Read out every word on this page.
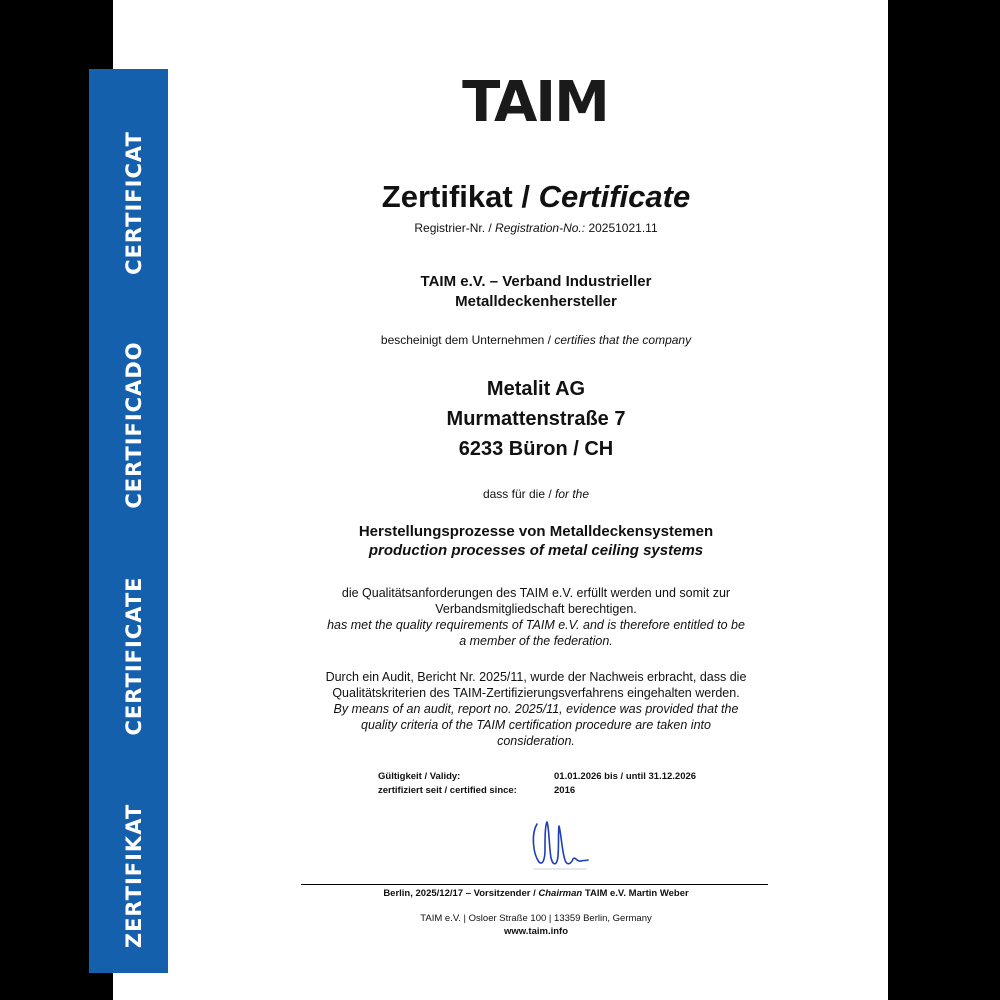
ZERTIFIKAT
CERTIFICATE
CERTIFICADO
CERTIFICAT
TAIM
Zertifikat / Certificate
Registrier-Nr. / Registration-No.: 20251021.11
TAIM e.V. – Verband Industrieller
Metalldeckenhersteller
bescheinigt dem Unternehmen / certifies that the company
Metalit AG
Murmattenstraße 7
6233 Büron / CH
dass für die / for the
Herstellungsprozesse von Metalldeckensystemen
production processes of metal ceiling systems
die Qualitätsanforderungen des TAIM e.V. erfüllt werden und somit zur
Verbandsmitgliedschaft berechtigen.
has met the quality requirements of TAIM e.V. and is therefore entitled to be
a member of the federation.
Durch ein Audit, Bericht Nr. 2025/11, wurde der Nachweis erbracht, dass die
Qualitätskriterien des TAIM-Zertifizierungsverfahrens eingehalten werden.
By means of an audit, report no. 2025/11, evidence was provided that the
quality criteria of the TAIM certification procedure are taken into
consideration.
Gültigkeit / Validy:	01.01.2026 bis / until 31.12.2026
zertifiziert seit / certified since:	2016
Berlin, 2025/12/17 – Vorsitzender / Chairman TAIM e.V. Martin Weber
TAIM e.V. | Osloer Straße 100 | 13359 Berlin, Germany
www.taim.info
